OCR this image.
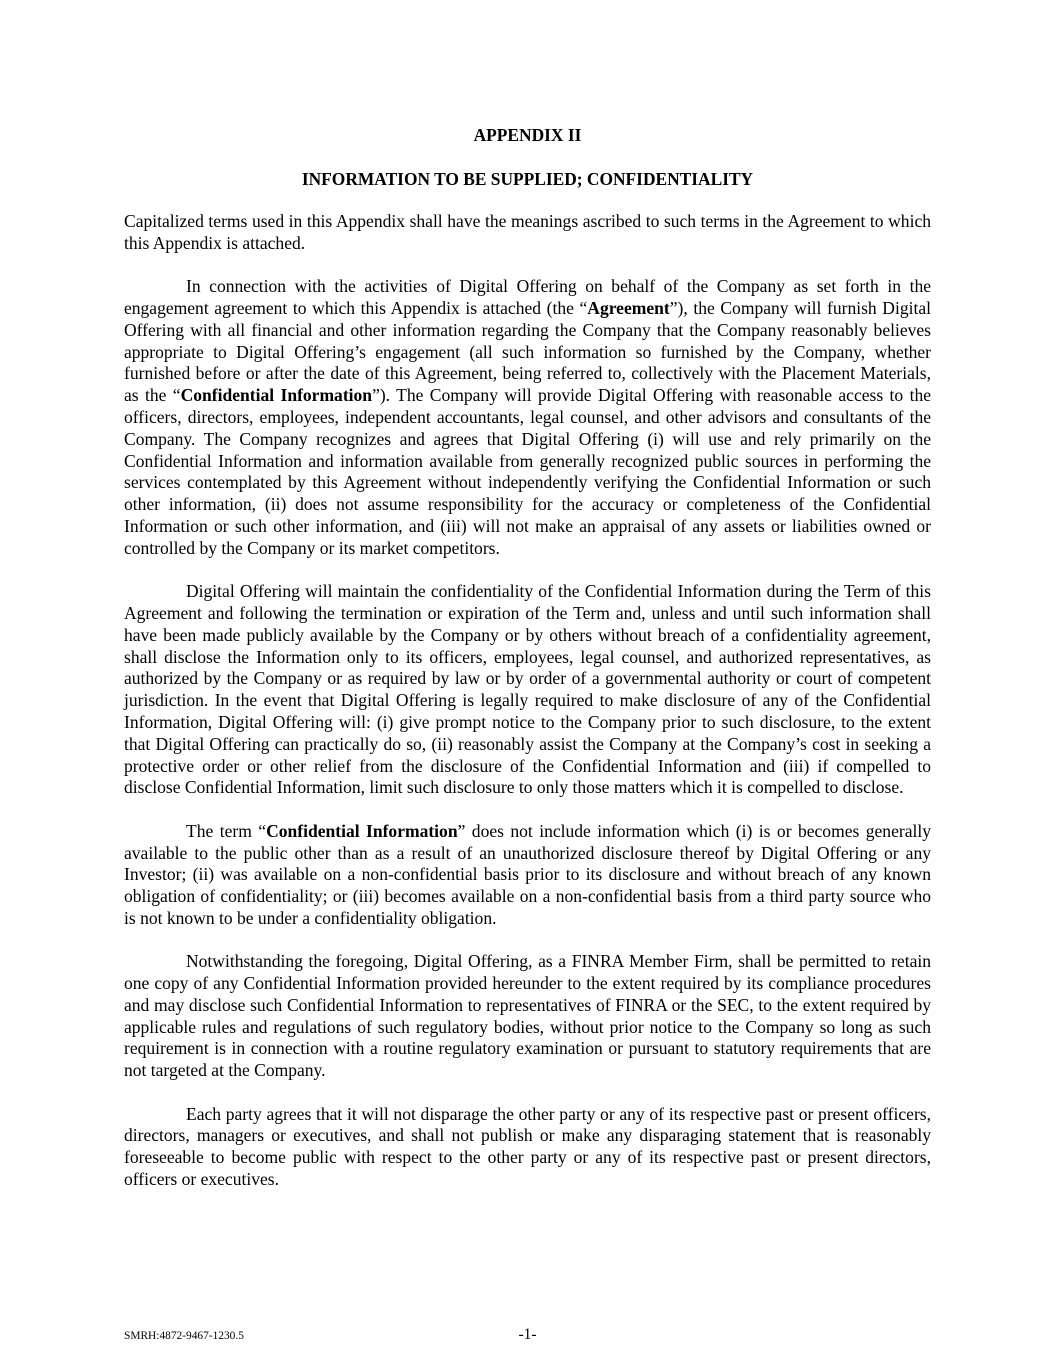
APPENDIX II
INFORMATION TO BE SUPPLIED; CONFIDENTIALITY

Capitalized terms used in this Appendix shall have the meanings ascribed to such terms in the Agreement to which this Appendix is attached.

In connection with the activities of Digital Offering on behalf of the Company as set forth in the engagement agreement to which this Appendix is attached (the “Agreement”), the Company will furnish Digital Offering with all financial and other information regarding the Company that the Company reasonably believes appropriate to Digital Offering’s engagement (all such information so furnished by the Company, whether furnished before or after the date of this Agreement, being referred to, collectively with the Placement Materials, as the “Confidential Information”). The Company will provide Digital Offering with reasonable access to the officers, directors, employees, independent accountants, legal counsel, and other advisors and consultants of the Company. The Company recognizes and agrees that Digital Offering (i) will use and rely primarily on the Confidential Information and information available from generally recognized public sources in performing the services contemplated by this Agreement without independently verifying the Confidential Information or such other information, (ii) does not assume responsibility for the accuracy or completeness of the Confidential Information or such other information, and (iii) will not make an appraisal of any assets or liabilities owned or controlled by the Company or its market competitors.

Digital Offering will maintain the confidentiality of the Confidential Information during the Term of this Agreement and following the termination or expiration of the Term and, unless and until such information shall have been made publicly available by the Company or by others without breach of a confidentiality agreement, shall disclose the Information only to its officers, employees, legal counsel, and authorized representatives, as authorized by the Company or as required by law or by order of a governmental authority or court of competent jurisdiction. In the event that Digital Offering is legally required to make disclosure of any of the Confidential Information, Digital Offering will: (i) give prompt notice to the Company prior to such disclosure, to the extent that Digital Offering can practically do so, (ii) reasonably assist the Company at the Company’s cost in seeking a protective order or other relief from the disclosure of the Confidential Information and (iii) if compelled to disclose Confidential Information, limit such disclosure to only those matters which it is compelled to disclose.

The term “Confidential Information” does not include information which (i) is or becomes generally available to the public other than as a result of an unauthorized disclosure thereof by Digital Offering or any Investor; (ii) was available on a non-confidential basis prior to its disclosure and without breach of any known obligation of confidentiality; or (iii) becomes available on a non-confidential basis from a third party source who is not known to be under a confidentiality obligation.

Notwithstanding the foregoing, Digital Offering, as a FINRA Member Firm, shall be permitted to retain one copy of any Confidential Information provided hereunder to the extent required by its compliance procedures and may disclose such Confidential Information to representatives of FINRA or the SEC, to the extent required by applicable rules and regulations of such regulatory bodies, without prior notice to the Company so long as such requirement is in connection with a routine regulatory examination or pursuant to statutory requirements that are not targeted at the Company.

Each party agrees that it will not disparage the other party or any of its respective past or present officers, directors, managers or executives, and shall not publish or make any disparaging statement that is reasonably foreseeable to become public with respect to the other party or any of its respective past or present directors, officers or executives.

SMRH:4872-9467-1230.5	-1-
